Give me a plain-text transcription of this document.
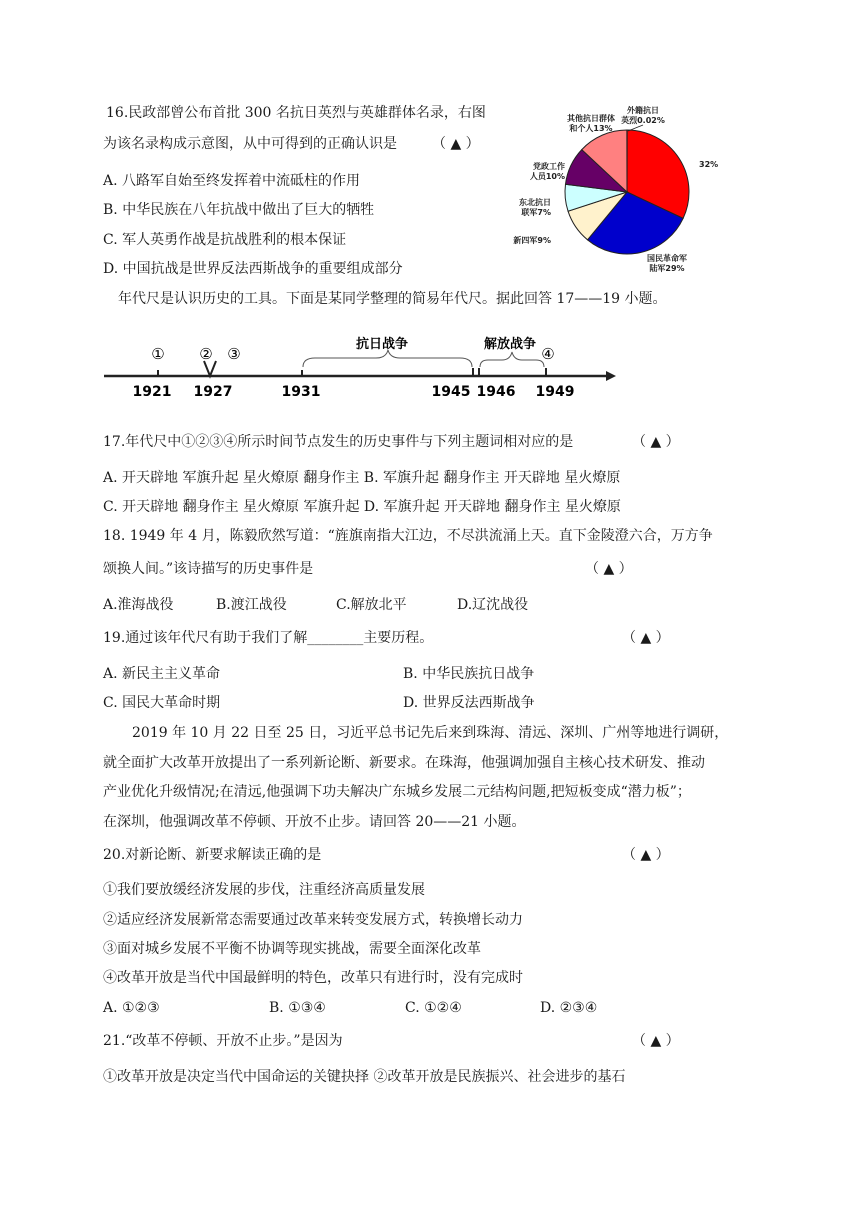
16.民政部曾公布首批 300 名抗日英烈与英雄群体名录，右图
为该名录构成示意图，从中可得到的正确认识是	（ ▲ ）
A. 八路军自始至终发挥着中流砥柱的作用
B. 中华民族在八年抗战中做出了巨大的牺牲
C. 军人英勇作战是抗战胜利的根本保证
D. 中国抗战是世界反法西斯战争的重要组成部分
32%
国民革命军陆军29%
新四军9%
东北抗日联军7%
党政工作人员10%
其他抗日群体和个人13%
外籍抗日英烈0.02%
年代尺是认识历史的工具。下面是某同学整理的简易年代尺。据此回答 17——19 小题。
① ② ③	④
抗日战争	解放战争
1921 1927	1931	1945 1946 1949
17.年代尺中①②③④所示时间节点发生的历史事件与下列主题词相对应的是	（ ▲ ）
A. 开天辟地 军旗升起 星火燎原 翻身作主 B. 军旗升起 翻身作主 开天辟地 星火燎原
C. 开天辟地 翻身作主 星火燎原 军旗升起 D. 军旗升起 开天辟地 翻身作主 星火燎原
18. 1949 年 4 月，陈毅欣然写道：“旌旗南指大江边，不尽洪流涌上天。直下金陵澄六合，万方争
颂换人间。”该诗描写的历史事件是	（ ▲ ）
A.淮海战役	B.渡江战役	C.解放北平	D.辽沈战役
19.通过该年代尺有助于我们了解________主要历程。	（ ▲ ）
A. 新民主主义革命	B. 中华民族抗日战争
C. 国民大革命时期	D. 世界反法西斯战争
2019 年 10 月 22 日至 25 日，习近平总书记先后来到珠海、清远、深圳、广州等地进行调研，
就全面扩大改革开放提出了一系列新论断、新要求。在珠海，他强调加强自主核心技术研发、推动
产业优化升级情况;在清远,他强调下功夫解决广东城乡发展二元结构问题,把短板变成“潜力板”；
在深圳，他强调改革不停顿、开放不止步。请回答 20——21 小题。
20.对新论断、新要求解读正确的是	（ ▲ ）
①我们要放缓经济发展的步伐，注重经济高质量发展
②适应经济发展新常态需要通过改革来转变发展方式，转换增长动力
③面对城乡发展不平衡不协调等现实挑战，需要全面深化改革
④改革开放是当代中国最鲜明的特色，改革只有进行时，没有完成时
A. ①②③	B. ①③④	C. ①②④	D. ②③④
21.“改革不停顿、开放不止步。”是因为	（ ▲ ）
①改革开放是决定当代中国命运的关键抉择 ②改革开放是民族振兴、社会进步的基石
